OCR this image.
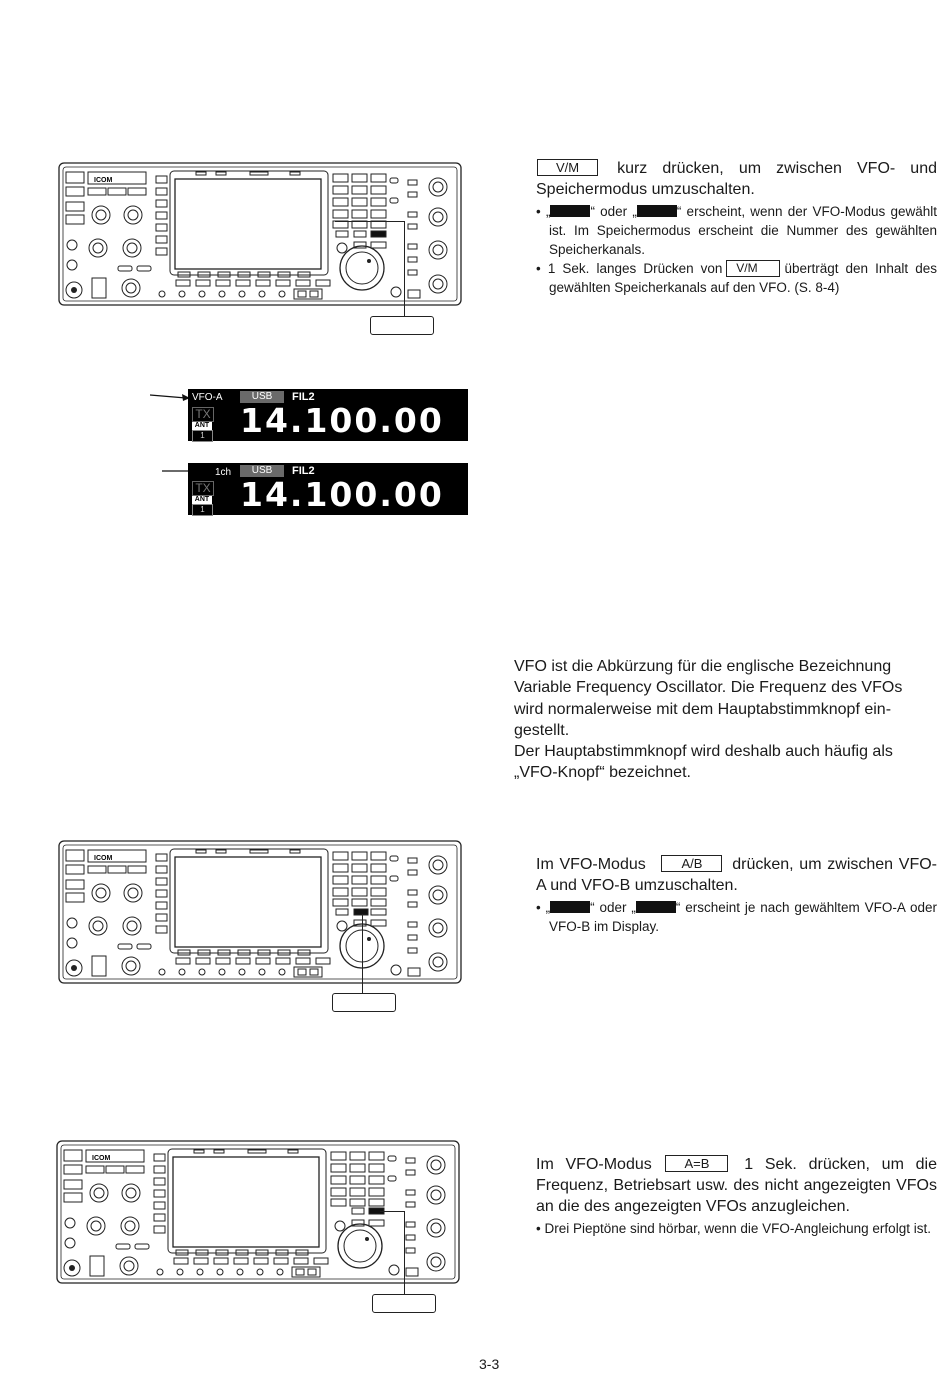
ICOM

V/M kurz drücken, um zwischen VFO- und Speichermodus umzuschalten.

• „	“ oder „	“ erscheint, wenn der VFO-Modus gewählt ist. Im Speichermodus erscheint die Nummer des gewählten Speicherkanals.

• 1 Sek. langes Drücken von V/M überträgt den Inhalt des gewählten Speicherkanals auf den VFO. (S. 8-4)

VFO-A	USB	FIL2
TX
ANT
1 14.100.00
1ch	USB	FIL2
TX
ANT
1 14.100.00
VFO ist die Abkürzung für die englische Bezeichnung
Variable Frequency Oscillator. Die Frequenz des VFOs
wird normalerweise mit dem Hauptabstimmknopf ein-
gestellt.
Der Hauptabstimmknopf wird deshalb auch häufig als
„VFO-Knopf“ bezeichnet.
ICOM	Im VFO-Modus	A/B drücken, um zwischen VFO-A und VFO-B umzuschalten.

• „	“ oder „	“ erscheint je nach gewähltem VFO-A oder VFO-B im Display.

ICOM	Im VFO-Modus	A=B 1 Sek. drücken, um die Frequenz, Betriebsart usw. des nicht angezeigten VFOs an die des angezeigten VFOs anzugleichen.

• Drei Pieptöne sind hörbar, wenn die VFO-Angleichung erfolgt ist.

3-3
